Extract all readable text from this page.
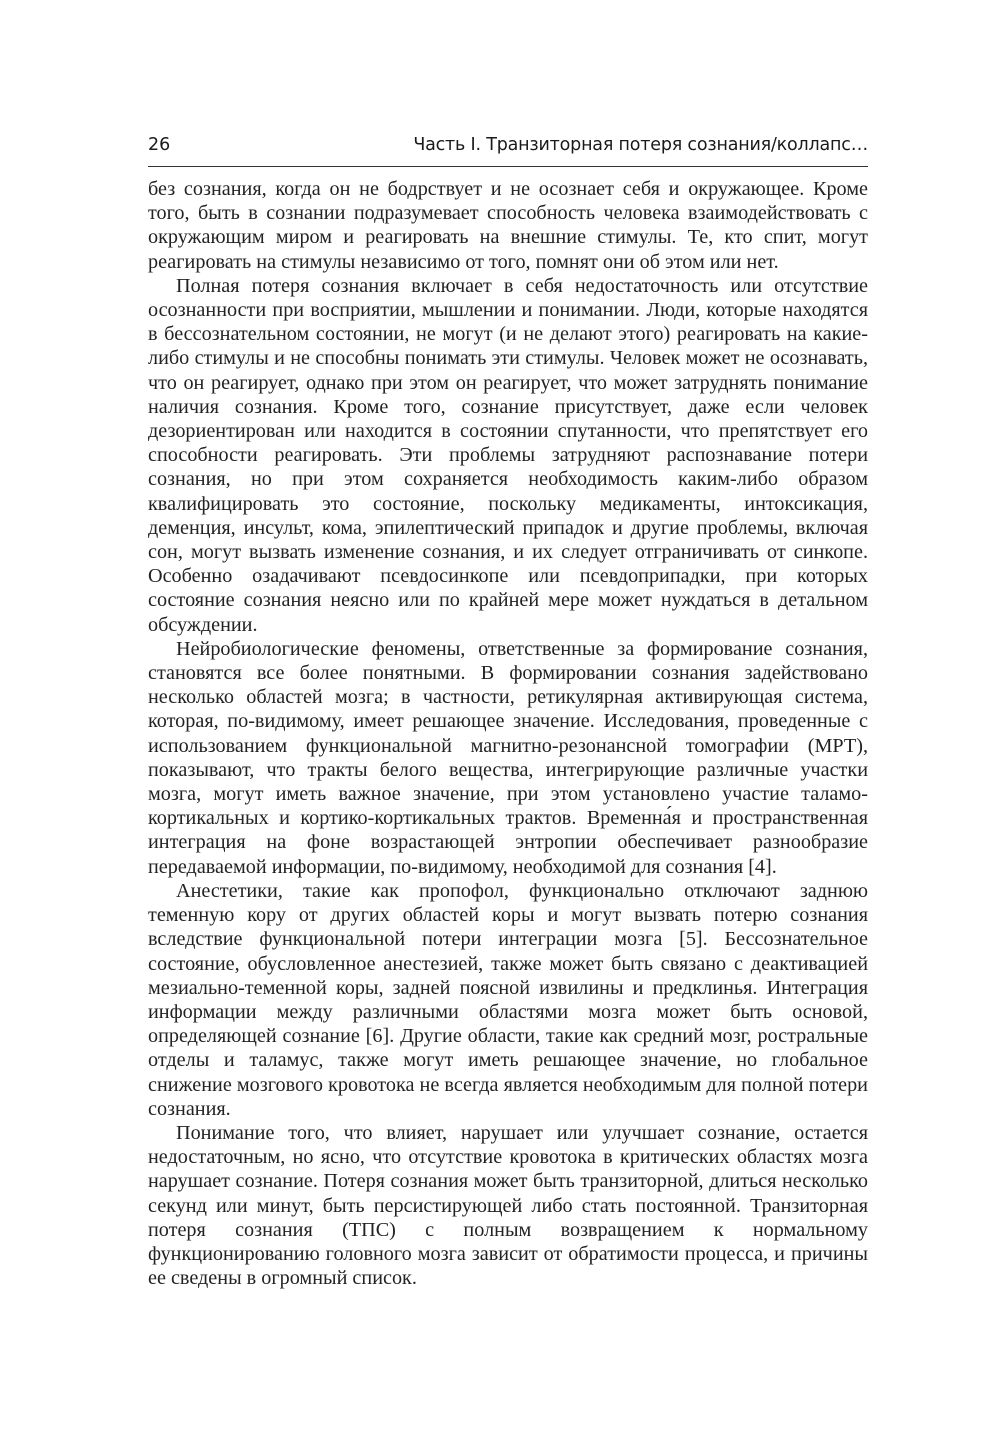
26	Часть I. Транзиторная потеря сознания/коллапс…

без сознания, когда он не бодрствует и не осознает себя и окружающее. Кроме того, быть в сознании подразумевает способность человека взаимодействовать с окружающим миром и реагировать на внешние стимулы. Те, кто спит, могут реагировать на стимулы независимо от того, помнят они об этом или нет.

Полная потеря сознания включает в себя недостаточность или отсутствие осознанности при восприятии, мышлении и понимании. Люди, которые находятся в бессознательном состоянии, не могут (и не делают этого) реагировать на какие-либо стимулы и не способны понимать эти стимулы. Человек может не осознавать, что он реагирует, однако при этом он реагирует, что может затруднять понимание наличия сознания. Кроме того, сознание присутствует, даже если человек дезориентирован или находится в состоянии спутанности, что препятствует его способности реагировать. Эти проблемы затрудняют распознавание потери сознания, но при этом сохраняется необходимость каким-либо образом квалифицировать это состояние, поскольку медикаменты, интоксикация, деменция, инсульт, кома, эпилептический припадок и другие проблемы, включая сон, могут вызвать изменение сознания, и их следует отграничивать от синкопе. Особенно озадачивают псевдосинкопе или псевдоприпадки, при которых состояние сознания неясно или по крайней мере может нуждаться в детальном обсуждении.

Нейробиологические феномены, ответственные за формирование сознания, становятся все более понятными. В формировании сознания задействовано несколько областей мозга; в частности, ретикулярная активирующая система, которая, по-видимому, имеет решающее значение. Исследования, проведенные с использованием функциональной магнитно-резонансной томографии (МРТ), показывают, что тракты белого вещества, интегрирующие различные участки мозга, могут иметь важное значение, при этом установлено участие таламо-кортикальных и кортико-кортикальных трактов. Временна́я и пространственная интеграция на фоне возрастающей энтропии обеспечивает разнообразие передаваемой информации, по-видимому, необходимой для сознания [4].

Анестетики, такие как пропофол, функционально отключают заднюю теменную кору от других областей коры и могут вызвать потерю сознания вследствие функциональной потери интеграции мозга [5]. Бессознательное состояние, обусловленное анестезией, также может быть связано с деактивацией мезиально-теменной коры, задней поясной извилины и предклинья. Интеграция информации между различными областями мозга может быть основой, определяющей сознание [6]. Другие области, такие как средний мозг, ростральные отделы и таламус, также могут иметь решающее значение, но глобальное снижение мозгового кровотока не всегда является необходимым для полной потери сознания.

Понимание того, что влияет, нарушает или улучшает сознание, остается недостаточным, но ясно, что отсутствие кровотока в критических областях мозга нарушает сознание. Потеря сознания может быть транзиторной, длиться несколько секунд или минут, быть персистирующей либо стать постоянной. Транзиторная потеря сознания (ТПС) с полным возвращением к нормальному функционированию головного мозга зависит от обратимости процесса, и причины ее сведены в огромный список.
